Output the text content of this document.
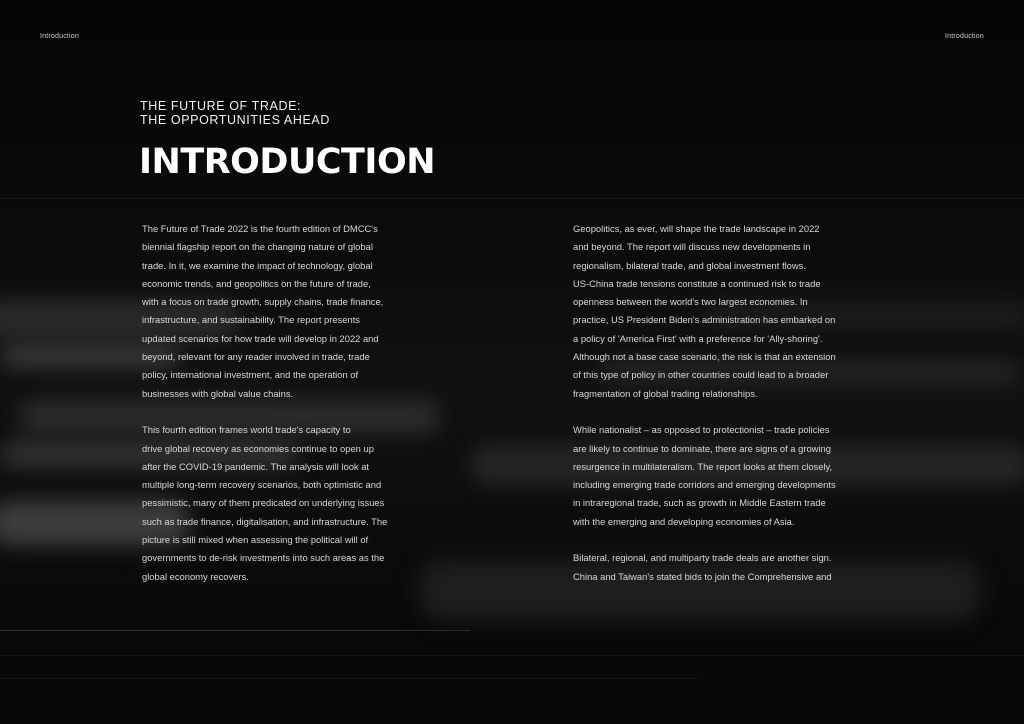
Introduction	Introduction
THE FUTURE OF TRADE:
THE OPPORTUNITIES AHEAD
INTRODUCTION

The Future of Trade 2022 is the fourth edition of DMCC's
biennial flagship report on the changing nature of global
trade. In it, we examine the impact of technology, global
economic trends, and geopolitics on the future of trade,
with a focus on trade growth, supply chains, trade finance,
infrastructure, and sustainability. The report presents
updated scenarios for how trade will develop in 2022 and
beyond, relevant for any reader involved in trade, trade
policy, international investment, and the operation of
businesses with global value chains.

This fourth edition frames world trade's capacity to
drive global recovery as economies continue to open up
after the COVID-19 pandemic. The analysis will look at
multiple long-term recovery scenarios, both optimistic and
pessimistic, many of them predicated on underlying issues
such as trade finance, digitalisation, and infrastructure. The
picture is still mixed when assessing the political will of
governments to de-risk investments into such areas as the
global economy recovers.

Geopolitics, as ever, will shape the trade landscape in 2022
and beyond. The report will discuss new developments in
regionalism, bilateral trade, and global investment flows.
US-China trade tensions constitute a continued risk to trade
openness between the world's two largest economies. In
practice, US President Biden's administration has embarked on
a policy of 'America First' with a preference for 'Ally-shoring'.
Although not a base case scenario, the risk is that an extension
of this type of policy in other countries could lead to a broader
fragmentation of global trading relationships.

While nationalist – as opposed to protectionist – trade policies
are likely to continue to dominate, there are signs of a growing
resurgence in multilateralism. The report looks at them closely,
including emerging trade corridors and emerging developments
in intraregional trade, such as growth in Middle Eastern trade
with the emerging and developing economies of Asia.

Bilateral, regional, and multiparty trade deals are another sign.
China and Taiwan's stated bids to join the Comprehensive and
